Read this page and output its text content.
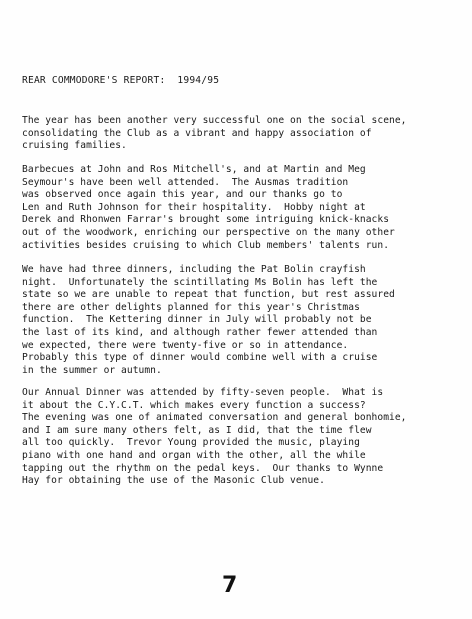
REAR COMMODORE'S REPORT:  1994/95
The year has been another very successful one on the social scene,
consolidating the Club as a vibrant and happy association of
cruising families.
Barbecues at John and Ros Mitchell's, and at Martin and Meg
Seymour's have been well attended.  The Ausmas tradition
was observed once again this year, and our thanks go to
Len and Ruth Johnson for their hospitality.  Hobby night at
Derek and Rhonwen Farrar's brought some intriguing knick-knacks
out of the woodwork, enriching our perspective on the many other
activities besides cruising to which Club members' talents run.
We have had three dinners, including the Pat Bolin crayfish
night.  Unfortunately the scintillating Ms Bolin has left the
state so we are unable to repeat that function, but rest assured
there are other delights planned for this year's Christmas
function.  The Kettering dinner in July will probably not be
the last of its kind, and although rather fewer attended than
we expected, there were twenty-five or so in attendance.
Probably this type of dinner would combine well with a cruise
in the summer or autumn.
Our Annual Dinner was attended by fifty-seven people.  What is
it about the C.Y.C.T. which makes every function a success?
The evening was one of animated conversation and general bonhomie,
and I am sure many others felt, as I did, that the time flew
all too quickly.  Trevor Young provided the music, playing
piano with one hand and organ with the other, all the while
tapping out the rhythm on the pedal keys.  Our thanks to Wynne
Hay for obtaining the use of the Masonic Club venue.
7
